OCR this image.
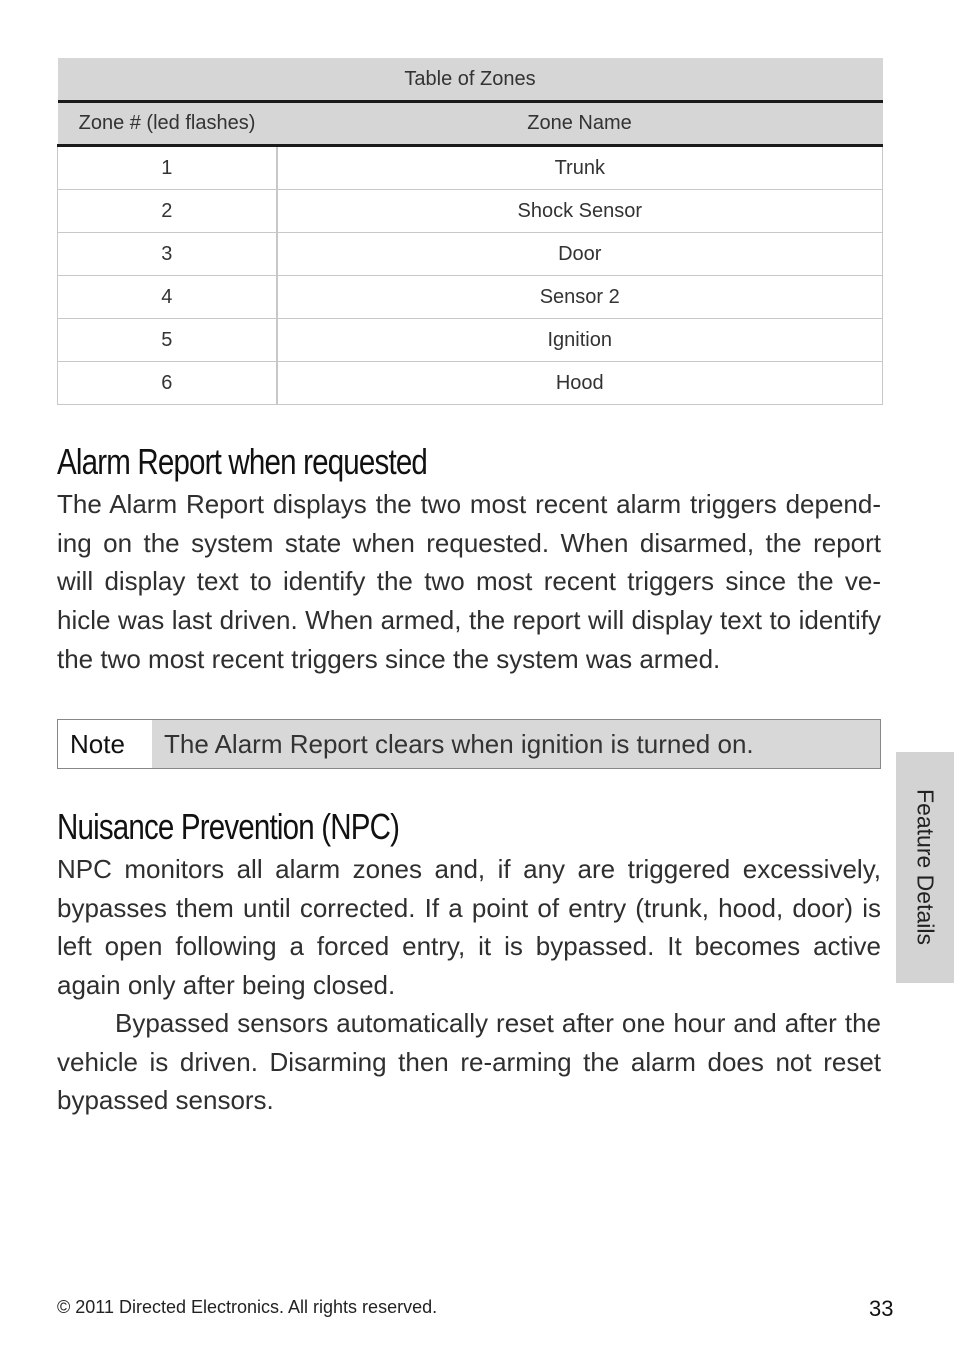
Table of Zones	
Zone # (led flashes)	Zone Name
1	Trunk
2	Shock Sensor
3	Door
4	Sensor 2
5	Ignition
6	Hood
Alarm Report when requested

The Alarm Report displays the two most recent alarm triggers depend-ing on the system state when requested. When disarmed, the report will display text to identify the two most recent triggers since the ve-hicle was last driven. When armed, the report will display text to identify the two most recent triggers since the system was armed.

Note	The Alarm Report clears when ignition is turned on.
Nuisance Prevention (NPC)

NPC monitors all alarm zones and, if any are triggered excessively, bypasses them until corrected. If a point of entry (trunk, hood, door) is left open following a forced entry, it is bypassed. It becomes active again only after being closed.

Bypassed sensors automatically reset after one hour and after the vehicle is driven. Disarming then re-arming the alarm does not reset bypassed sensors.

Feature Details
© 2011 Directed Electronics. All rights reserved.	33
